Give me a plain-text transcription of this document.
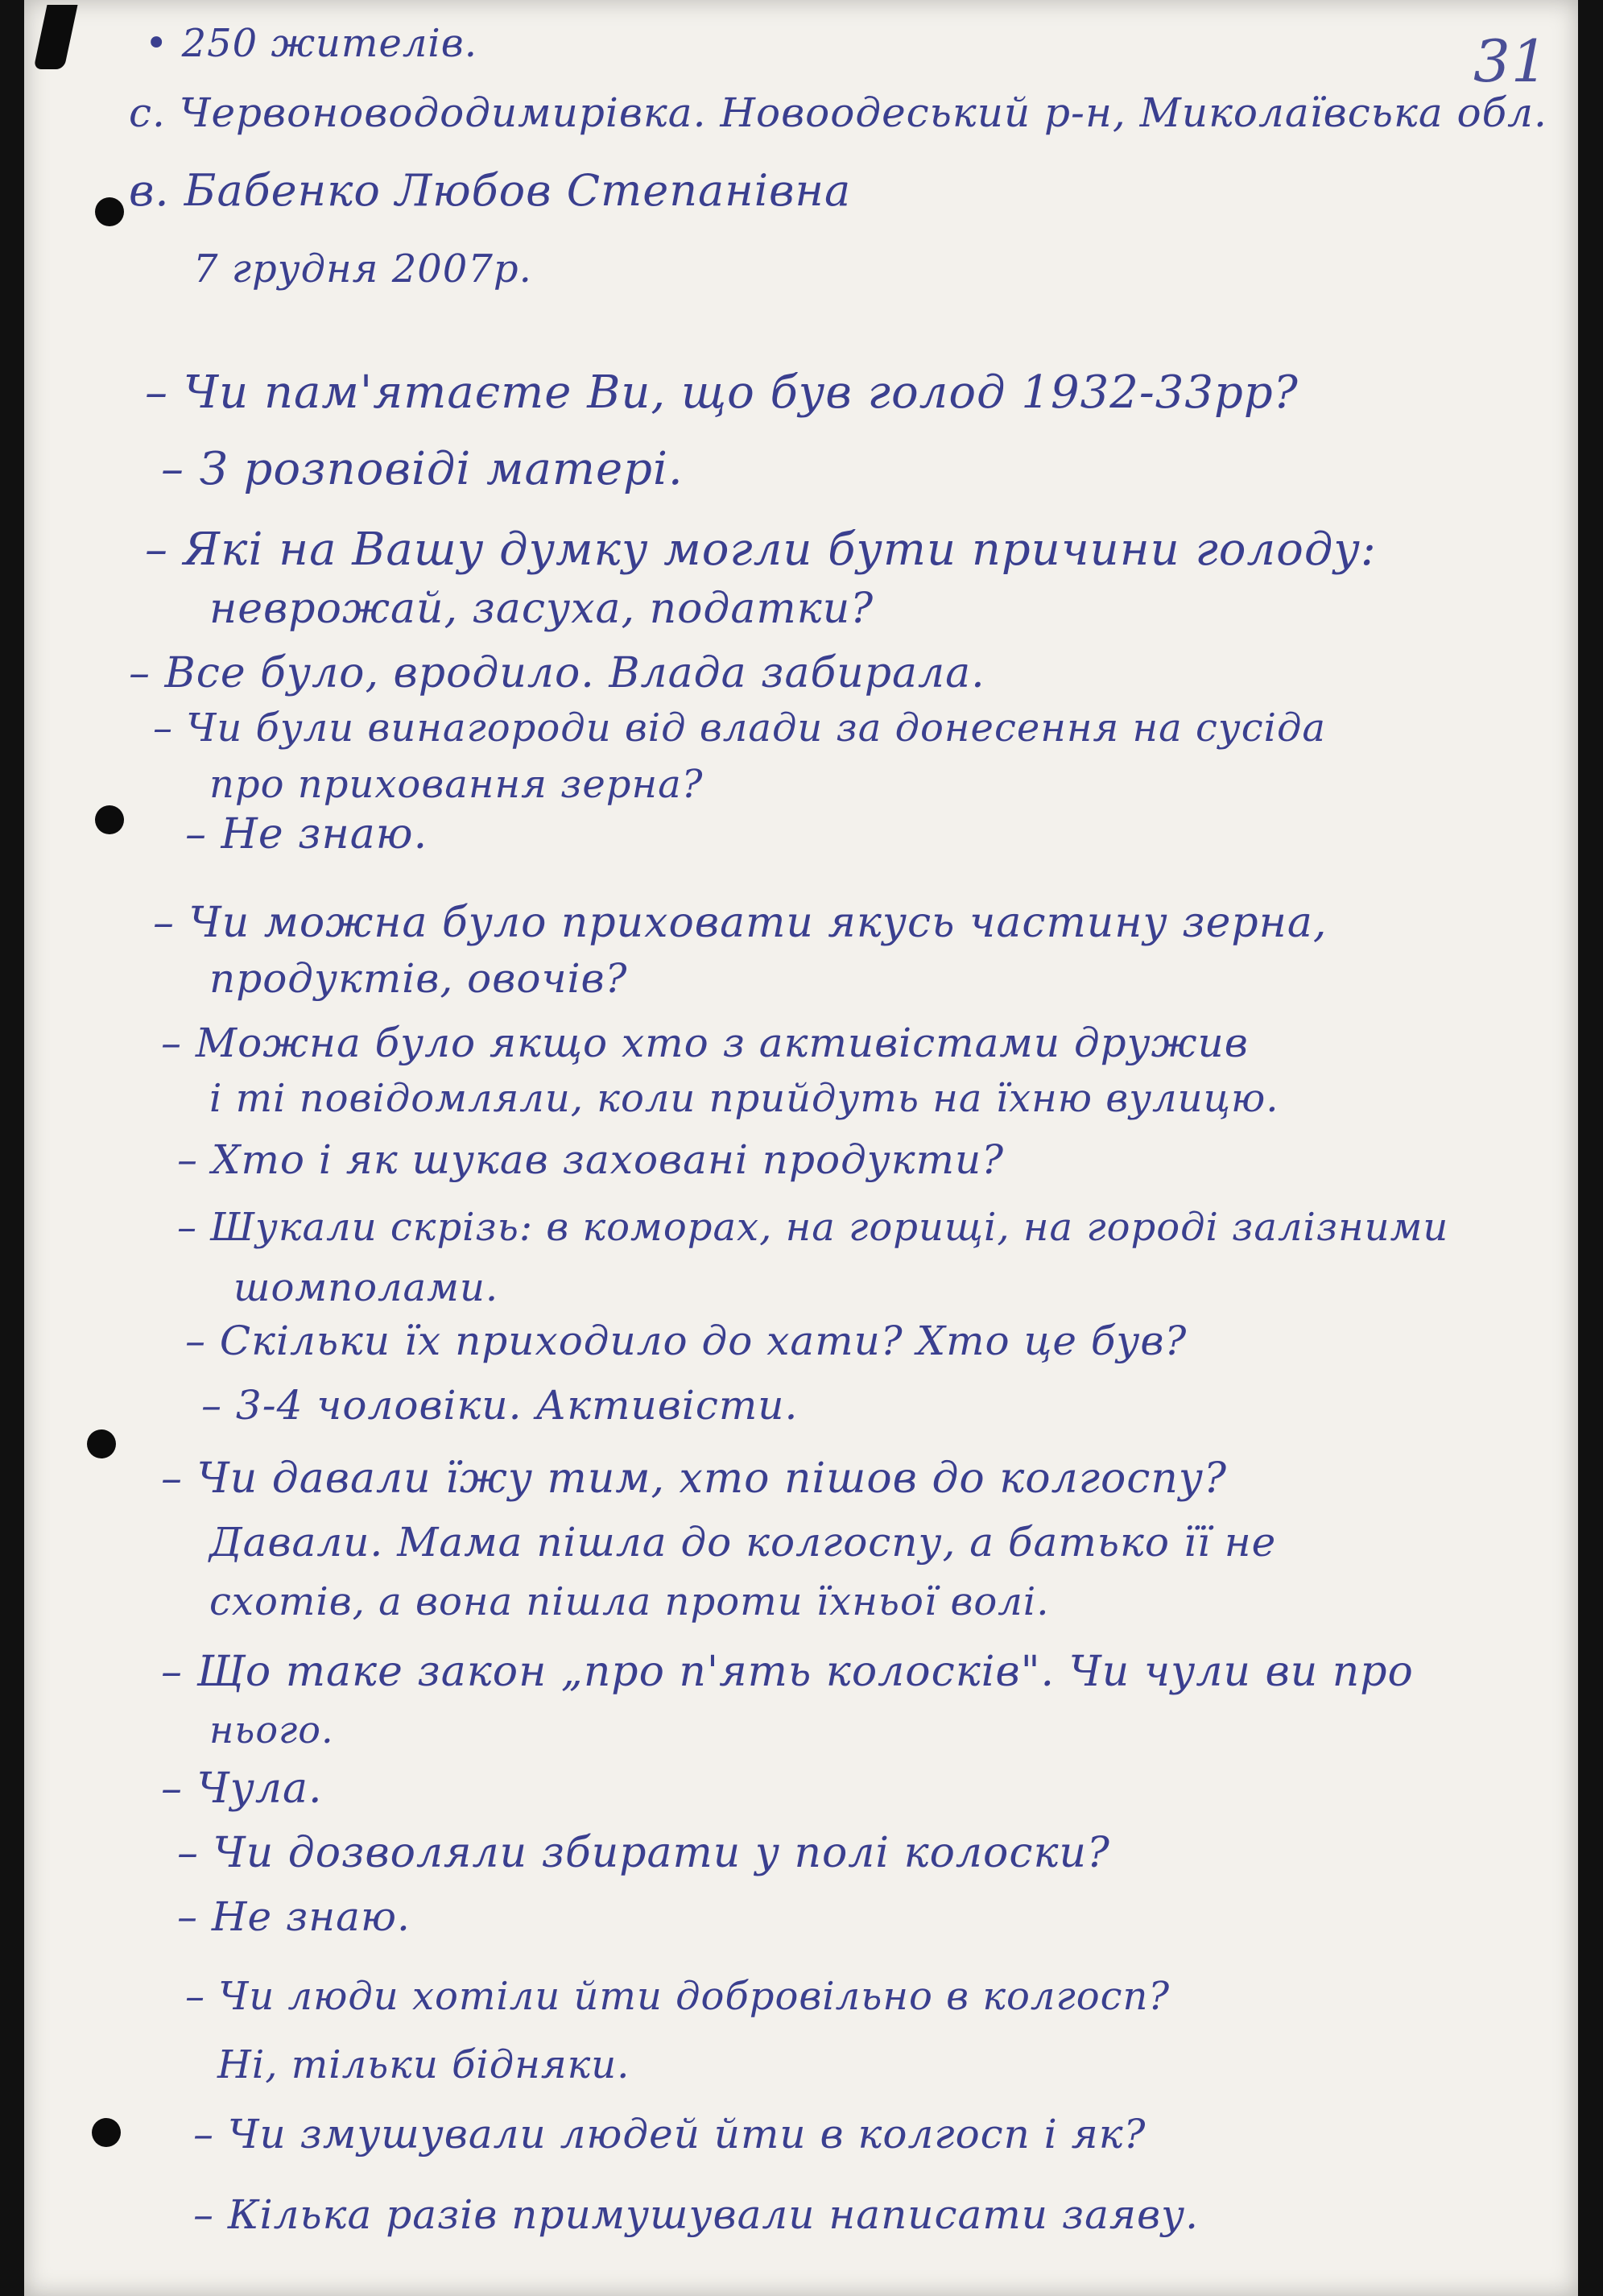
31
• 250 жителів.
с. Червоновододимирівка. Новоодеський р-н, Миколаївська обл.
в. Бабенко Любов Степанівна
7 грудня 2007р.
– Чи пам'ятаєте Ви, що був голод 1932-33рр?
– З розповіді матері.
– Які на Вашу думку могли бути причини голоду:
неврожай, засуха, податки?
– Все було, вродило. Влада забирала.
– Чи були винагороди від влади за донесення на сусіда
про приховання зерна?
– Не знаю.
– Чи можна було приховати якусь частину зерна,
продуктів, овочів?
– Можна було якщо хто з активістами дружив
і ті повідомляли, коли прийдуть на їхню вулицю.
– Хто і як шукав заховані продукти?
– Шукали скрізь: в коморах, на горищі, на городі залізними
шомполами.
– Скільки їх приходило до хати? Хто це був?
– 3-4 чоловіки. Активісти.
– Чи давали їжу тим, хто пішов до колгоспу?
Давали. Мама пішла до колгоспу, а батько її не
схотів, а вона пішла проти їхньої волі.
– Що таке закон „про п'ять колосків". Чи чули ви про
нього.
– Чула.
– Чи дозволяли збирати у полі колоски?
– Не знаю.
– Чи люди хотіли йти добровільно в колгосп?
Ні, тільки бідняки.
– Чи змушували людей йти в колгосп і як?
– Кілька разів примушували написати заяву.
